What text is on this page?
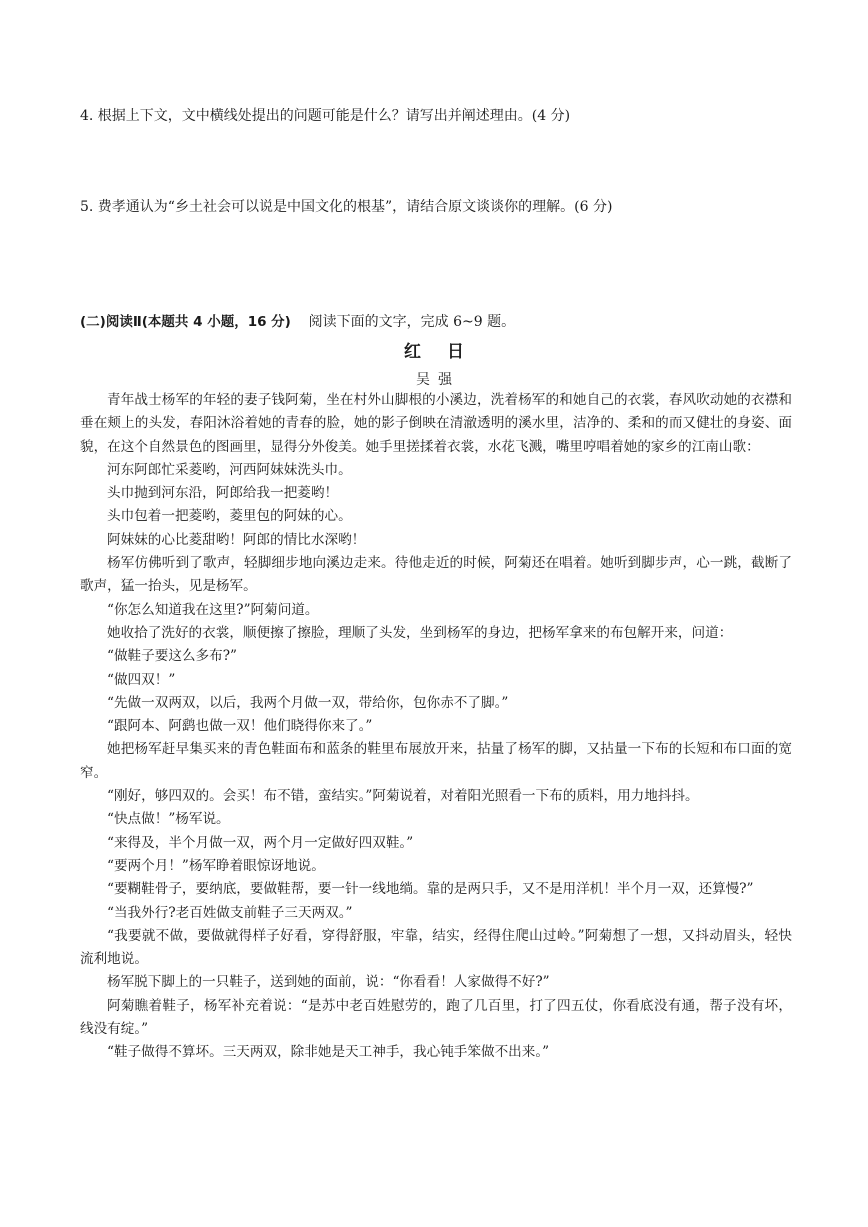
4. 根据上下文，文中横线处提出的问题可能是什么？请写出并阐述理由。(4 分)
5. 费孝通认为“乡土社会可以说是中国文化的根基”，请结合原文谈谈你的理解。(6 分)
(二)阅读Ⅱ(本题共 4 小题，16 分) 阅读下面的文字，完成 6~9 题。
红日
吴强

青年战士杨军的年轻的妻子钱阿菊，坐在村外山脚根的小溪边，洗着杨军的和她自己的衣裳，春风吹动她的衣襟和垂在颊上的头发，春阳沐浴着她的青春的脸，她的影子倒映在清澈透明的溪水里，洁净的、柔和的而又健壮的身姿、面貌，在这个自然景色的图画里，显得分外俊美。她手里搓揉着衣裳，水花飞溅，嘴里哼唱着她的家乡的江南山歌：

河东阿郎忙采菱哟，河西阿妹妹洗头巾。

头巾抛到河东沿，阿郎给我一把菱哟！

头巾包着一把菱哟，菱里包的阿妹的心。

阿妹妹的心比菱甜哟！阿郎的情比水深哟！

杨军仿佛听到了歌声，轻脚细步地向溪边走来。待他走近的时候，阿菊还在唱着。她听到脚步声，心一跳，截断了歌声，猛一抬头，见是杨军。

“你怎么知道我在这里?”阿菊问道。

她收拾了洗好的衣裳，顺便擦了擦脸，理顺了头发，坐到杨军的身边，把杨军拿来的布包解开来，问道：

“做鞋子要这么多布?”

“做四双！”

“先做一双两双，以后，我两个月做一双，带给你，包你赤不了脚。”

“跟阿本、阿鹞也做一双！他们晓得你来了。”

她把杨军赶早集买来的青色鞋面布和蓝条的鞋里布展放开来，拈量了杨军的脚，又拈量一下布的长短和布口面的宽窄。

“刚好，够四双的。会买！布不错，蛮结实。”阿菊说着，对着阳光照看一下布的质料，用力地抖抖。

“快点做！”杨军说。

“来得及，半个月做一双，两个月一定做好四双鞋。”

“要两个月！”杨军睁着眼惊讶地说。

“要糊鞋骨子，要纳底，要做鞋帮，要一针一线地绱。靠的是两只手，又不是用洋机！半个月一双，还算慢?”

“当我外行?老百姓做支前鞋子三天两双。”

“我要就不做，要做就得样子好看，穿得舒服，牢靠，结实，经得住爬山过岭。”阿菊想了一想，又抖动眉头，轻快流利地说。

杨军脱下脚上的一只鞋子，送到她的面前，说：“你看看！人家做得不好?”

阿菊瞧着鞋子，杨军补充着说：“是苏中老百姓慰劳的，跑了几百里，打了四五仗，你看底没有通，帮子没有坏，线没有绽。”

“鞋子做得不算坏。三天两双，除非她是天工神手，我心钝手笨做不出来。”
